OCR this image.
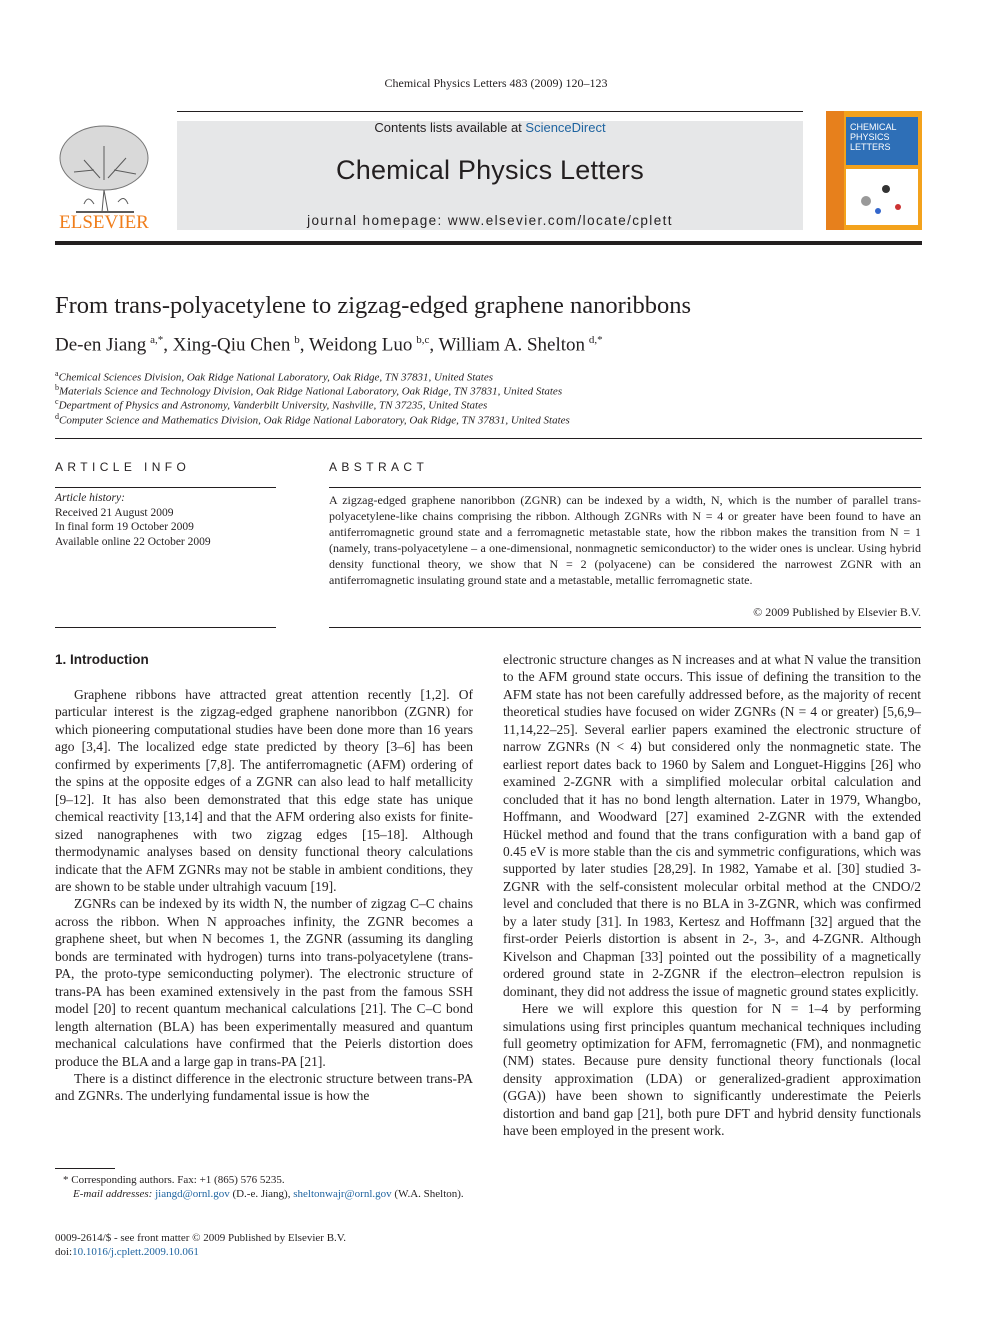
Chemical Physics Letters 483 (2009) 120–123
ELSEVIER
Contents lists available at ScienceDirect
Chemical Physics Letters
journal homepage: www.elsevier.com/locate/cplett
CHEMICAL
PHYSICS
LETTERS
From trans-polyacetylene to zigzag-edged graphene nanoribbons
De-en Jiang  $^{a,*}$, Xing-Qiu Chen  $^b$, Weidong Luo  $^{b,c}$, William A. Shelton  $^{d,*}$
$^a$Chemical Sciences Division, Oak Ridge National Laboratory, Oak Ridge, TN 37831, United States
$^b$Materials Science and Technology Division, Oak Ridge National Laboratory, Oak Ridge, TN 37831, United States
$^c$Department of Physics and Astronomy, Vanderbilt University, Nashville, TN 37235, United States
$^d$Computer Science and Mathematics Division, Oak Ridge National Laboratory, Oak Ridge, TN 37831, United States
ARTICLE INFO
Article history:
Received 21 August 2009
In final form 19 October 2009
Available online 22 October 2009
ABSTRACT
A zigzag-edged graphene nanoribbon (ZGNR) can be indexed by a width, N, which is the number of parallel trans-polyacetylene-like chains comprising the ribbon. Although ZGNRs with N = 4 or greater have been found to have an antiferromagnetic ground state and a ferromagnetic metastable state, how the ribbon makes the transition from N = 1 (namely, trans-polyacetylene – a one-dimensional, nonmagnetic semiconductor) to the wider ones is unclear. Using hybrid density functional theory, we show that N = 2 (polyacene) can be considered the narrowest ZGNR with an antiferromagnetic insulating ground state and a metastable, metallic ferromagnetic state.
© 2009 Published by Elsevier B.V.
1. Introduction

Graphene ribbons have attracted great attention recently [1,2]. Of particular interest is the zigzag-edged graphene nanoribbon (ZGNR) for which pioneering computational studies have been done more than 16 years ago [3,4]. The localized edge state predicted by theory [3–6] has been confirmed by experiments [7,8]. The antiferromagnetic (AFM) ordering of the spins at the opposite edges of a ZGNR can also lead to half metallicity [9–12]. It has also been demonstrated that this edge state has unique chemical reactivity [13,14] and that the AFM ordering also exists for finite-sized nanographenes with two zigzag edges [15–18]. Although thermodynamic analyses based on density functional theory calculations indicate that the AFM ZGNRs may not be stable in ambient conditions, they are shown to be stable under ultrahigh vacuum [19].

ZGNRs can be indexed by its width N, the number of zigzag C–C chains across the ribbon. When N approaches infinity, the ZGNR becomes a graphene sheet, but when N becomes 1, the ZGNR (assuming its dangling bonds are terminated with hydrogen) turns into trans-polyacetylene (trans-PA, the proto-type semiconducting polymer). The electronic structure of trans-PA has been examined extensively in the past from the famous SSH model [20] to recent quantum mechanical calculations [21]. The C–C bond length alternation (BLA) has been experimentally measured and quantum mechanical calculations have confirmed that the Peierls distortion does produce the BLA and a large gap in trans-PA [21].

There is a distinct difference in the electronic structure between trans-PA and ZGNRs. The underlying fundamental issue is how the

electronic structure changes as N increases and at what N value the transition to the AFM ground state occurs. This issue of defining the transition to the AFM state has not been carefully addressed before, as the majority of recent theoretical studies have focused on wider ZGNRs (N = 4 or greater) [5,6,9–11,14,22–25]. Several earlier papers examined the electronic structure of narrow ZGNRs (N < 4) but considered only the nonmagnetic state. The earliest report dates back to 1960 by Salem and Longuet-Higgins [26] who examined 2-ZGNR with a simplified molecular orbital calculation and concluded that it has no bond length alternation. Later in 1979, Whangbo, Hoffmann, and Woodward [27] examined 2-ZGNR with the extended Hückel method and found that the trans configuration with a band gap of 0.45 eV is more stable than the cis and symmetric configurations, which was supported by later studies [28,29]. In 1982, Yamabe et al. [30] studied 3-ZGNR with the self-consistent molecular orbital method at the CNDO/2 level and concluded that there is no BLA in 3-ZGNR, which was confirmed by a later study [31]. In 1983, Kertesz and Hoffmann [32] argued that the first-order Peierls distortion is absent in 2-, 3-, and 4-ZGNR. Although Kivelson and Chapman [33] pointed out the possibility of a magnetically ordered ground state in 2-ZGNR if the electron–electron repulsion is dominant, they did not address the issue of magnetic ground states explicitly.

Here we will explore this question for N = 1–4 by performing simulations using first principles quantum mechanical techniques including full geometry optimization for AFM, ferromagnetic (FM), and nonmagnetic (NM) states. Because pure density functional theory functionals (local density approximation (LDA) or generalized-gradient approximation (GGA)) have been shown to significantly underestimate the Peierls distortion and band gap [21], both pure DFT and hybrid density functionals have been employed in the present work.

* Corresponding authors. Fax: +1 (865) 576 5235.
E-mail addresses: jiangd@ornl.gov (D.-e. Jiang), sheltonwajr@ornl.gov (W.A. Shelton).
0009-2614/$ - see front matter © 2009 Published by Elsevier B.V.
doi:10.1016/j.cplett.2009.10.061
